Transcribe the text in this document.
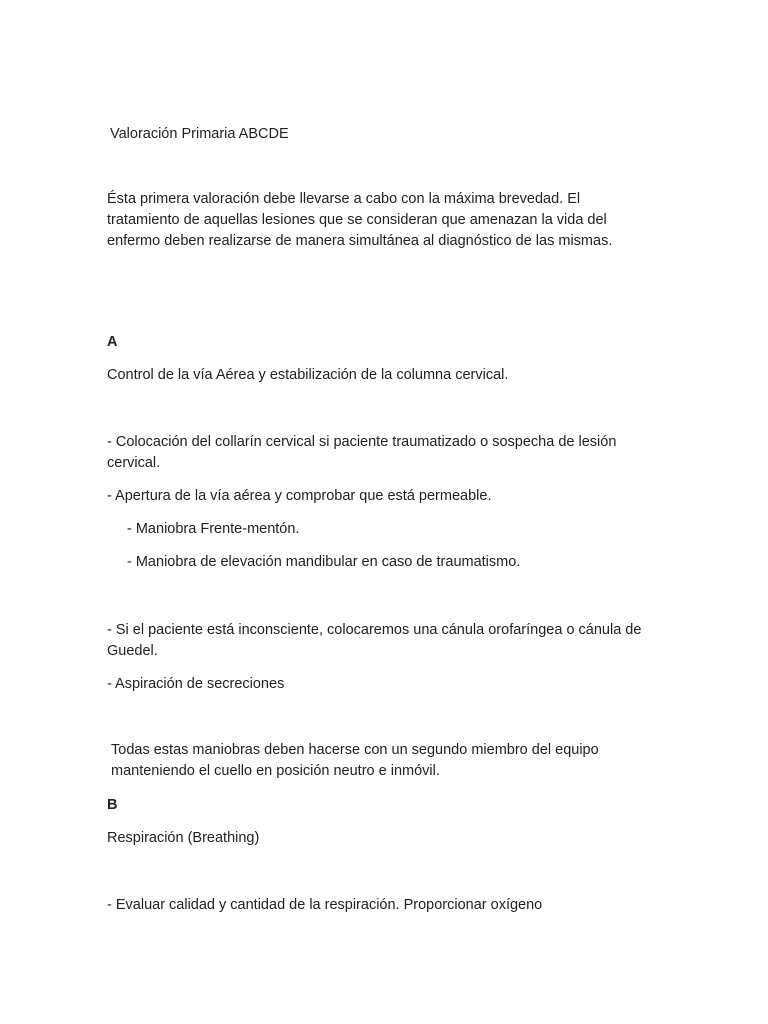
Valoración Primaria ABCDE

Ésta primera valoración debe llevarse a cabo con la máxima brevedad. El tratamiento de aquellas lesiones que se consideran que amenazan la vida del enfermo deben realizarse de manera simultánea al diagnóstico de las mismas.

A

Control de la vía Aérea y estabilización de la columna cervical.

- Colocación del collarín cervical si paciente traumatizado o sospecha de lesión cervical.

- Apertura de la vía aérea y comprobar que está permeable.

- Maniobra Frente-mentón.

- Maniobra de elevación mandibular en caso de traumatismo.

- Si el paciente está inconsciente, colocaremos una cánula orofaríngea o cánula de Guedel.

- Aspiración de secreciones

Todas estas maniobras deben hacerse con un segundo miembro del equipo manteniendo el cuello en posición neutro e inmóvil.

B

Respiración (Breathing)

- Evaluar calidad y cantidad de la respiración. Proporcionar oxígeno
